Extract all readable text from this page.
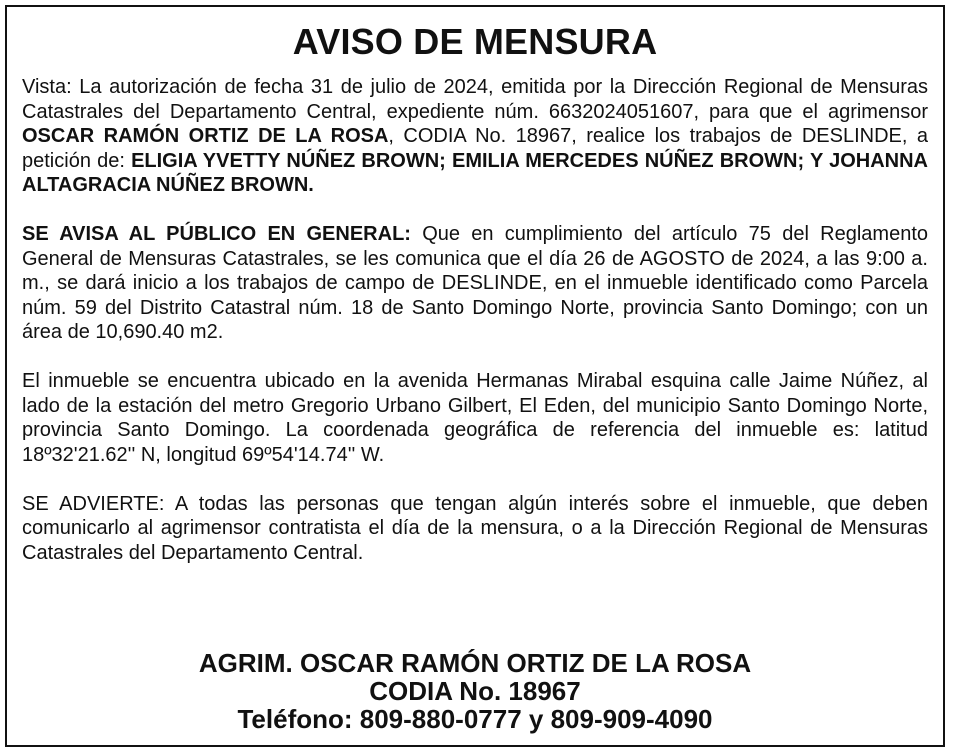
AVISO DE MENSURA

Vista: La autorización de fecha 31 de julio de 2024, emitida por la Dirección Regional de Mensuras Catastrales del Departamento Central, expediente núm. 6632024051607, para que el agrimensor OSCAR RAMÓN ORTIZ DE LA ROSA, CODIA No. 18967, realice los trabajos de DESLINDE, a petición de: ELIGIA YVETTY NÚÑEZ BROWN; EMILIA MERCEDES NÚÑEZ BROWN; Y JOHANNA ALTAGRACIA NÚÑEZ BROWN.

SE AVISA AL PÚBLICO EN GENERAL: Que en cumplimiento del artículo 75 del Reglamento General de Mensuras Catastrales, se les comunica que el día 26 de AGOSTO de 2024, a las 9:00 a. m., se dará inicio a los trabajos de campo de DESLINDE, en el inmueble identificado como Parcela núm. 59 del Distrito Catastral núm. 18 de Santo Domingo Norte, provincia Santo Domingo; con un área de 10,690.40 m2.

El inmueble se encuentra ubicado en la avenida Hermanas Mirabal esquina calle Jaime Núñez, al lado de la estación del metro Gregorio Urbano Gilbert, El Eden, del municipio Santo Domingo Norte, provincia Santo Domingo. La coordenada geográfica de referencia del inmueble es: latitud 18º32'21.62'' N, longitud 69º54'14.74'' W.

SE ADVIERTE: A todas las personas que tengan algún interés sobre el inmueble, que deben comunicarlo al agrimensor contratista el día de la mensura, o a la Dirección Regional de Mensuras Catastrales del Departamento Central.

AGRIM. OSCAR RAMÓN ORTIZ DE LA ROSA
CODIA No. 18967
Teléfono: 809-880-0777 y 809-909-4090
